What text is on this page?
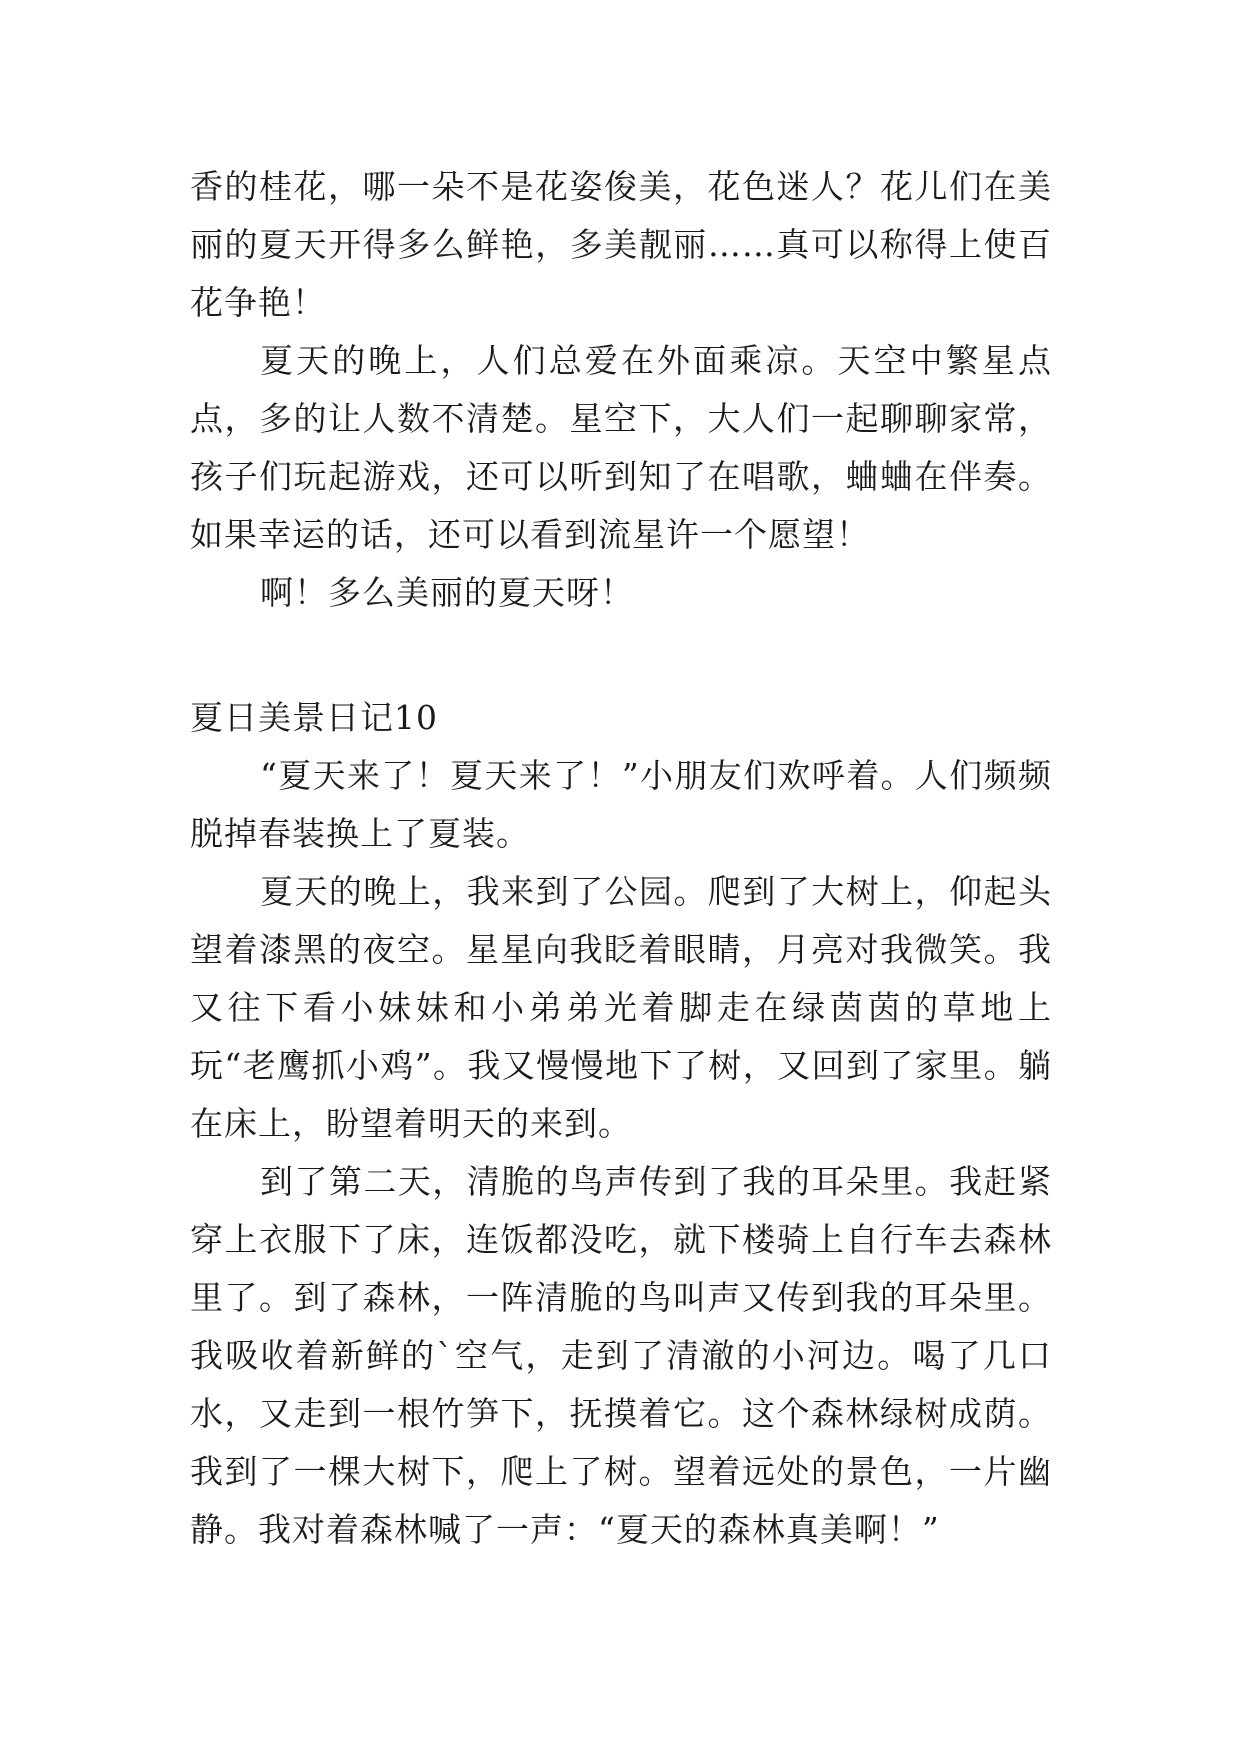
香的桂花，哪一朵不是花姿俊美，花色迷人？花儿们在美丽的夏天开得多么鲜艳，多美靓丽……真可以称得上使百花争艳！

夏天的晚上，人们总爱在外面乘凉。天空中繁星点点，多的让人数不清楚。星空下，大人们一起聊聊家常，孩子们玩起游戏，还可以听到知了在唱歌，蛐蛐在伴奏。如果幸运的话，还可以看到流星许一个愿望！

啊！多么美丽的夏天呀！

夏日美景日记10

“夏天来了！夏天来了！”小朋友们欢呼着。人们频频脱掉春装换上了夏装。

夏天的晚上，我来到了公园。爬到了大树上，仰起头望着漆黑的夜空。星星向我眨着眼睛，月亮对我微笑。我又往下看小妹妹和小弟弟光着脚走在绿茵茵的草地上玩“老鹰抓小鸡”。我又慢慢地下了树，又回到了家里。躺在床上，盼望着明天的来到。

到了第二天，清脆的鸟声传到了我的耳朵里。我赶紧穿上衣服下了床，连饭都没吃，就下楼骑上自行车去森林里了。到了森林，一阵清脆的鸟叫声又传到我的耳朵里。我吸收着新鲜的`空气，走到了清澈的小河边。喝了几口水，又走到一根竹笋下，抚摸着它。这个森林绿树成荫。我到了一棵大树下，爬上了树。望着远处的景色，一片幽静。我对着森林喊了一声：“夏天的森林真美啊！”
